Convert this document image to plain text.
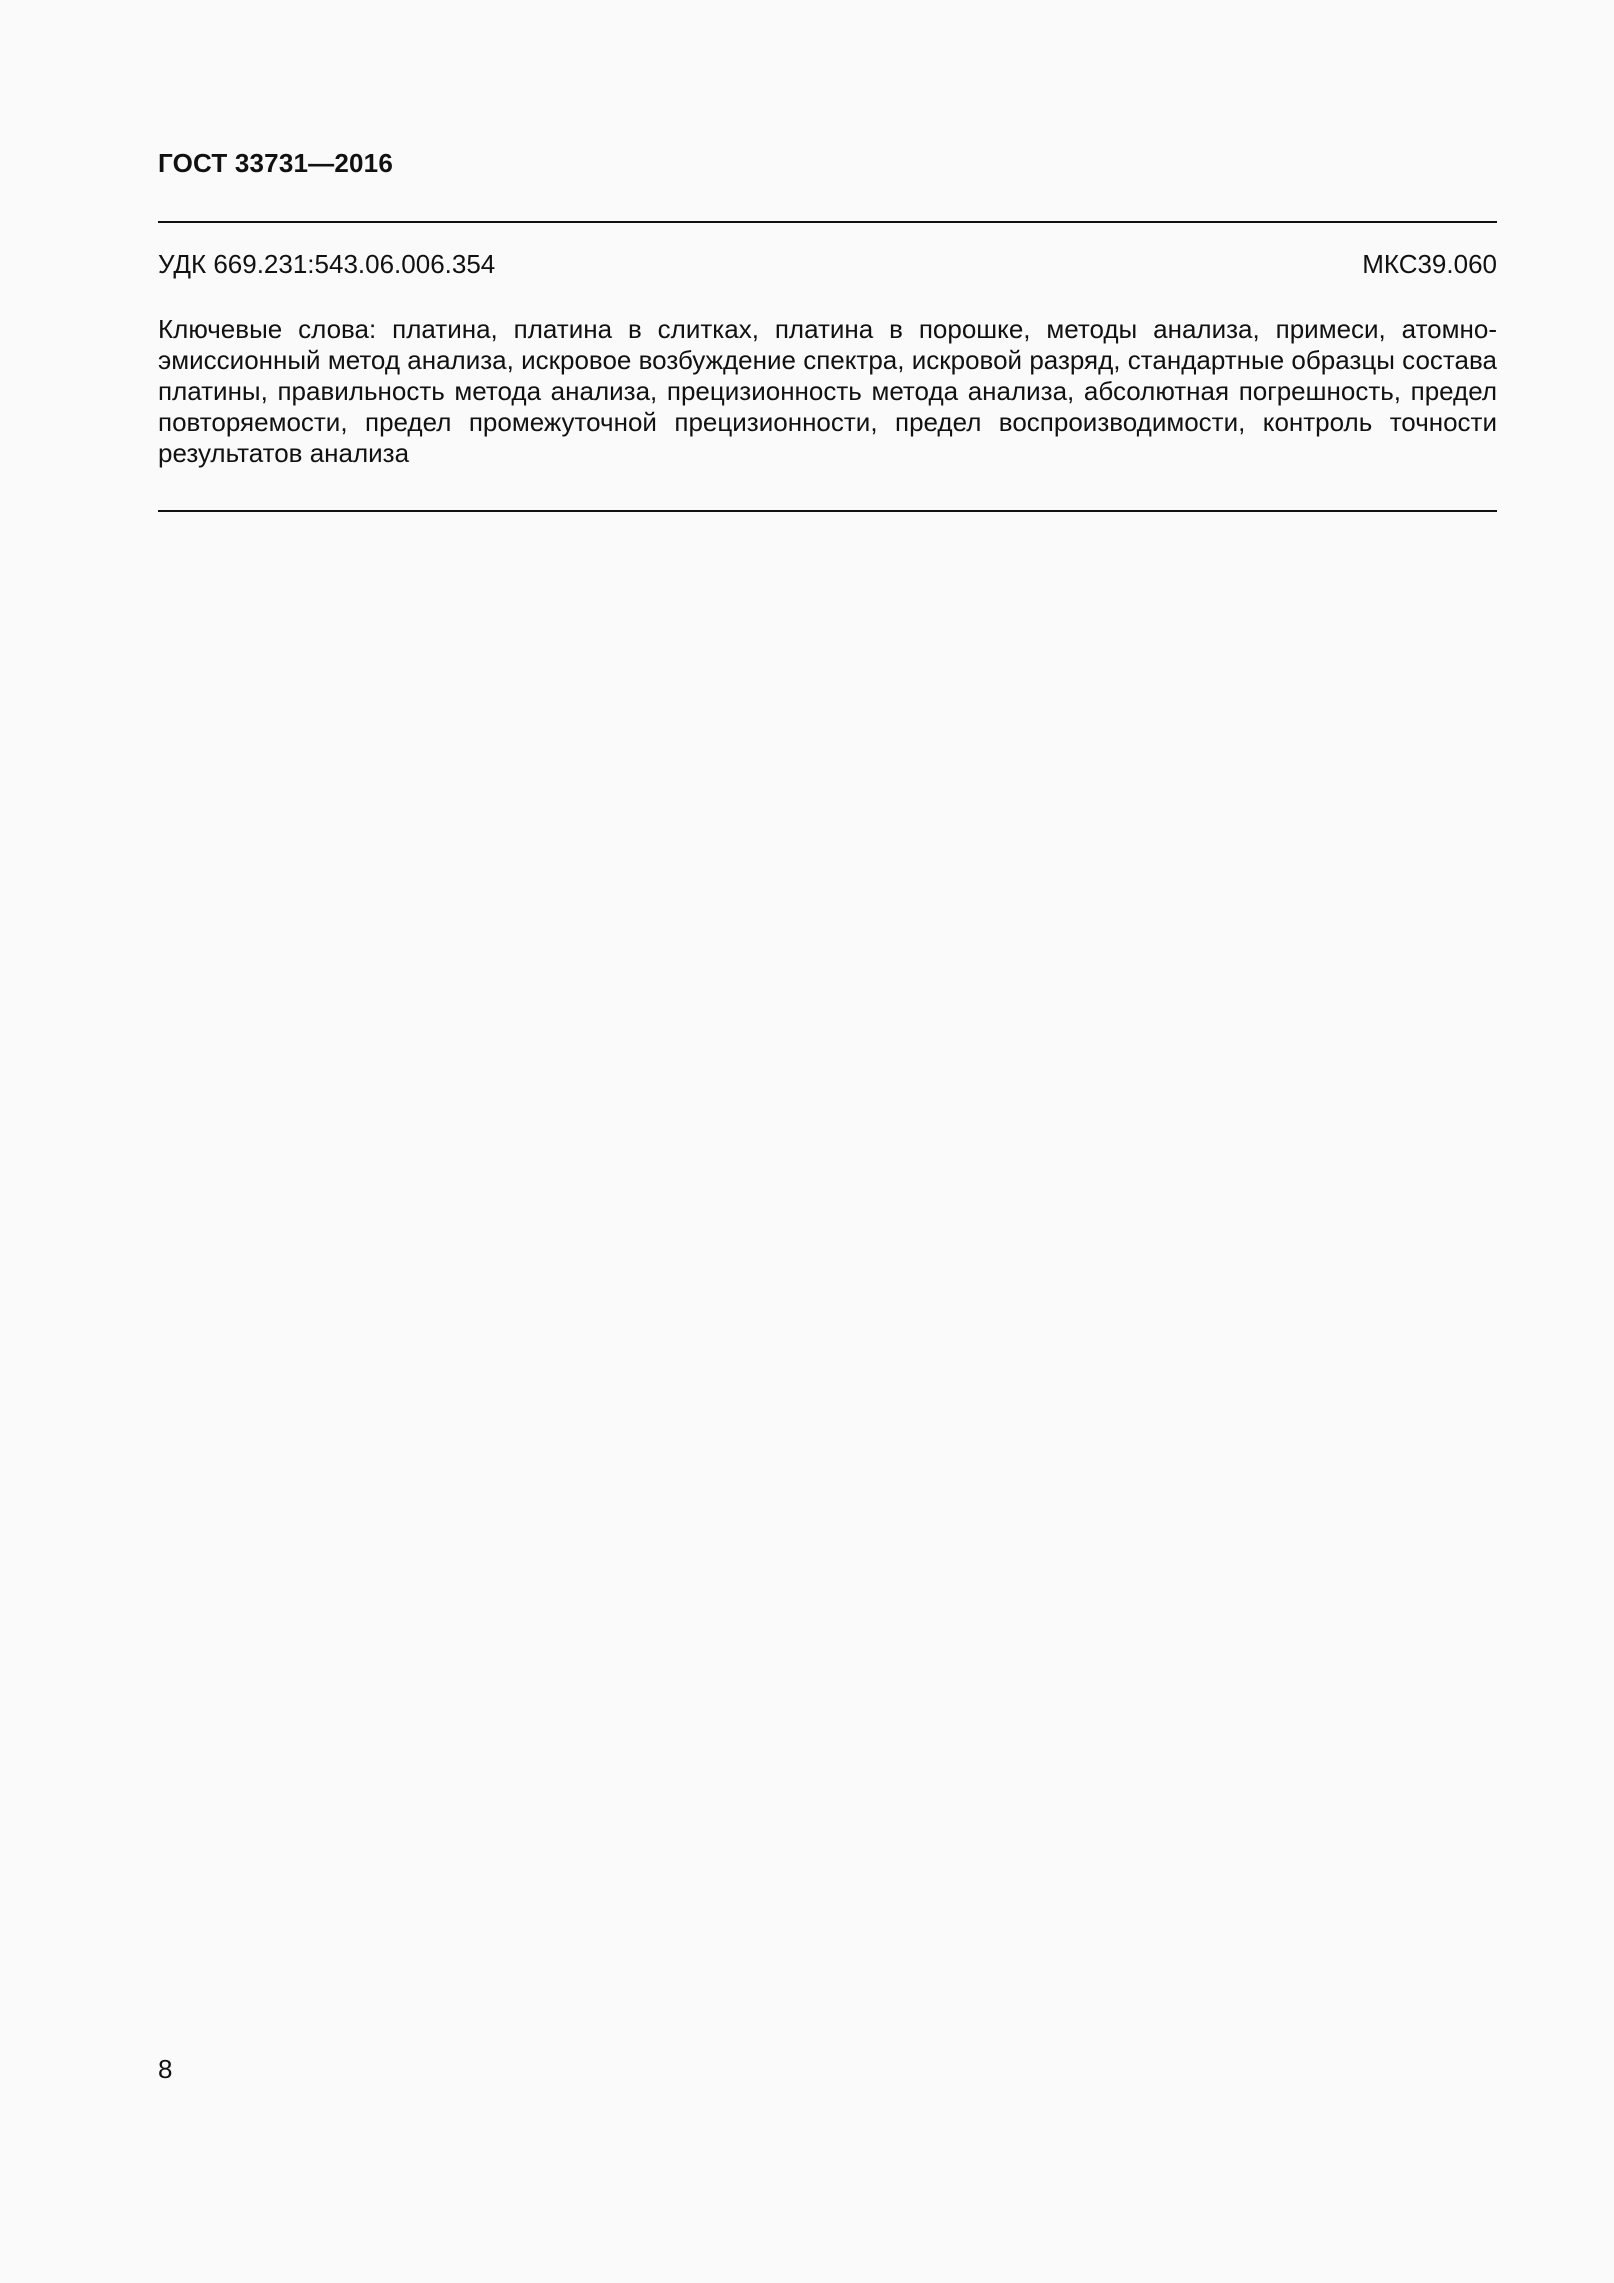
ГОСТ 33731—2016
УДК 669.231:543.06.006.354	МКС39.060
Ключевые слова: платина, платина в слитках, платина в порошке, методы анализа, примеси, атомно-эмиссионный метод анализа, искровое возбуждение спектра, искровой разряд, стандартные образцы состава платины, правильность метода анализа, прецизионность метода анализа, абсолютная погрешность, предел повторяемости, предел промежуточной прецизионности, предел воспроизводимости, контроль точности результатов анализа
8
